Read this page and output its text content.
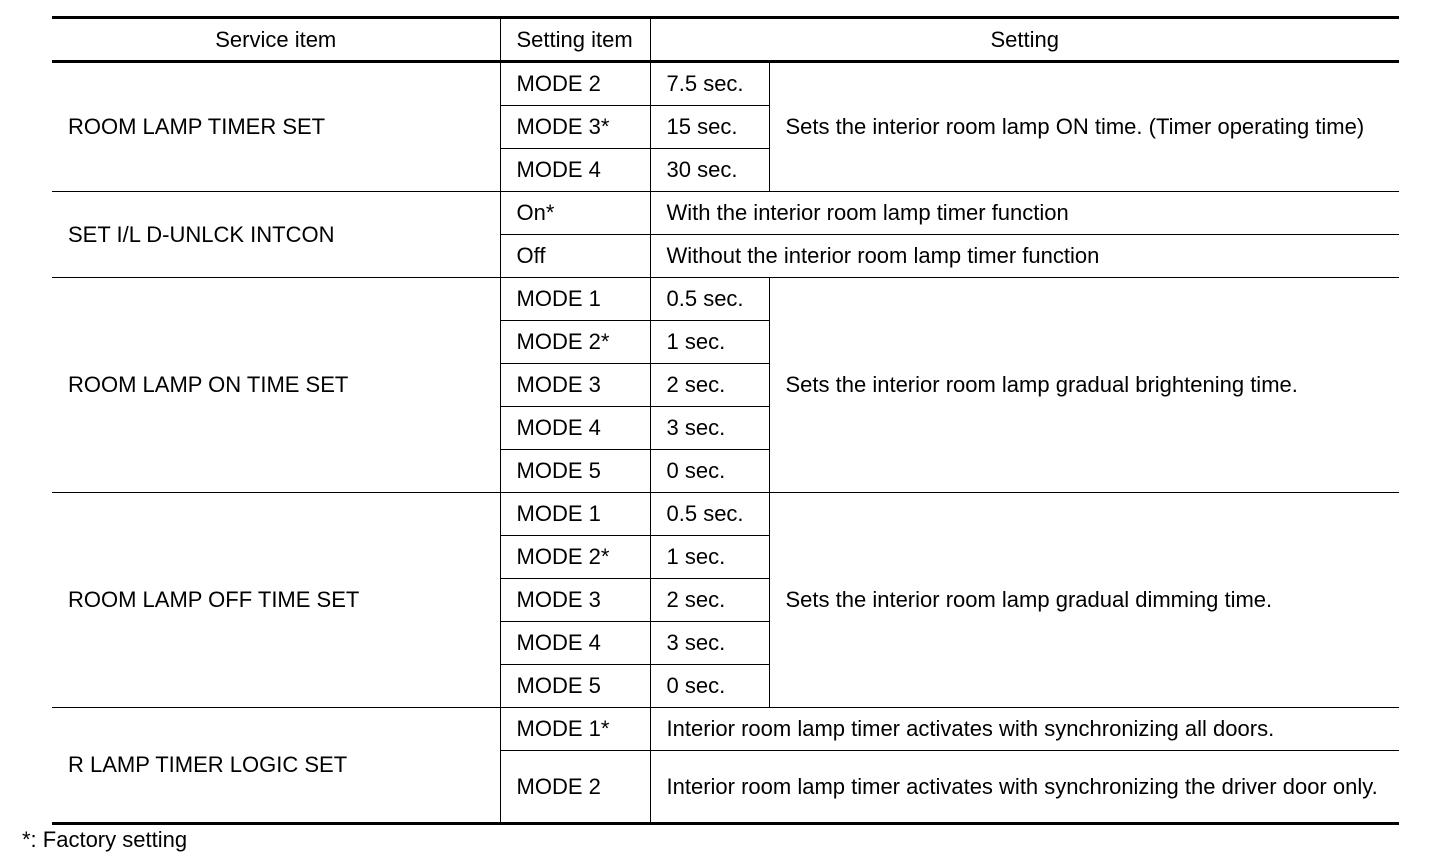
Service item	Setting item	Setting	
ROOM LAMP TIMER SET	MODE 2	7.5 sec.	Sets the interior room lamp ON time. (Timer operating time)
	MODE 3*	15 sec.	
	MODE 4	30 sec.	
SET I/L D-UNLCK INTCON	On*	With the interior room lamp timer function	
	Off	Without the interior room lamp timer function	
ROOM LAMP ON TIME SET	MODE 1	0.5 sec.	Sets the interior room lamp gradual brightening time.
	MODE 2*	1 sec.	
	MODE 3	2 sec.	
	MODE 4	3 sec.	
	MODE 5	0 sec.	
ROOM LAMP OFF TIME SET	MODE 1	0.5 sec.	Sets the interior room lamp gradual dimming time.
	MODE 2*	1 sec.	
	MODE 3	2 sec.	
	MODE 4	3 sec.	
	MODE 5	0 sec.	
R LAMP TIMER LOGIC SET	MODE 1*	Interior room lamp timer activates with synchronizing all doors.	
	MODE 2	Interior room lamp timer activates with synchronizing the driver door only.	
*: Factory setting
